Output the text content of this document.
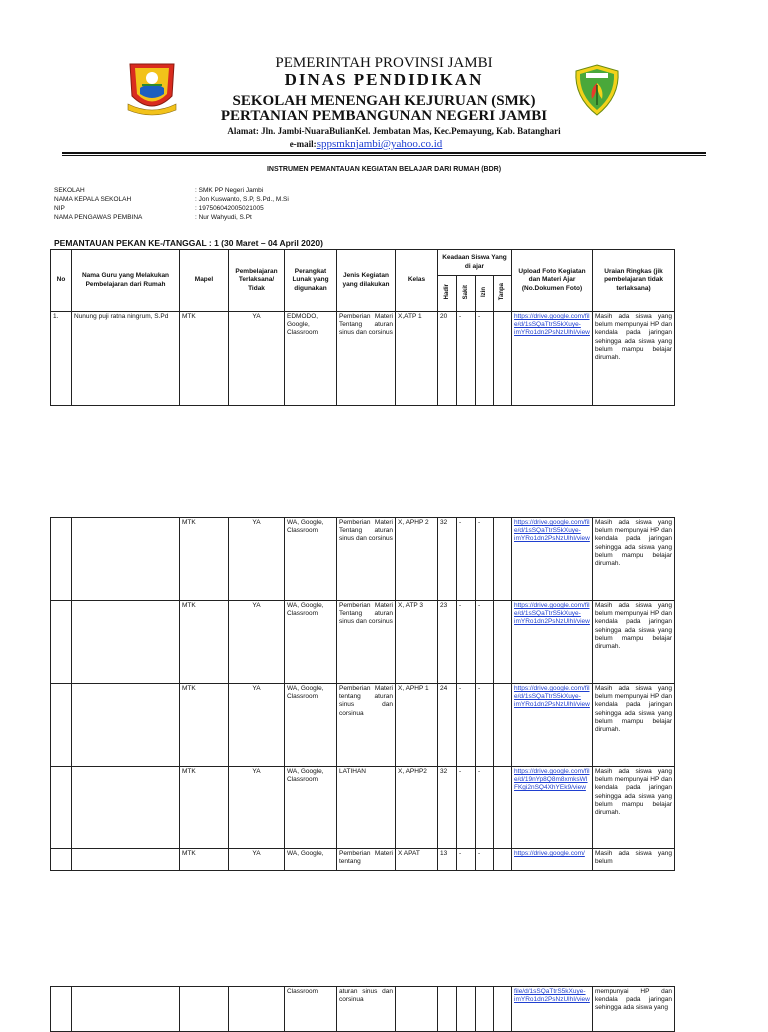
PEMERINTAH PROVINSI JAMBI
DINAS PENDIDIKAN
SEKOLAH MENENGAH KEJURUAN (SMK)
PERTANIAN PEMBANGUNAN NEGERI JAMBI
Alamat: Jln. Jambi-NuaraBulianKel. Jembatan Mas, Kec.Pemayung, Kab. Batanghari
e-mail:sppsmknjambi@yahoo.co.id
INSTRUMEN PEMANTAUAN KEGIATAN BELAJAR DARI RUMAH (BDR)
SEKOLAH	: SMK PP Negeri Jambi
NAMA KEPALA SEKOLAH	: Jon Kuswanto, S.P, S.Pd., M.Si
NIP	: 197506042005021005
NAMA PENGAWAS PEMBINA	: Nur Wahyudi, S.Pt
PEMANTAUAN PEKAN KE-/TANGGAL : 1 (30 Maret – 04 April 2020)
No	Nama Guru yang Melakukan Pembelajaran dari Rumah	Mapel	Pembelajaran Terlaksana/ Tidak	Perangkat Lunak yang digunakan	Jenis Kegiatan yang dilakukan	Kelas	Keadaan Siswa Yang di ajar				Upload Foto Kegiatan dan Materi Ajar (No.Dokumen Foto)	Uraian Ringkas (jik pembelajaran tidak terlaksana)
							Hadir	Sakit	Izin	Tanpa		
1.	Nunung puji ratna ningrum, S.Pd	MTK	YA	EDMODO, Google, Classroom	Pemberian Materi Tentang aturan sinus dan corsinus	X,ATP 1	20	-	-		https://drive.google.com/file/d/1sSQaTtrS5kXuye-imYRo1dn2PsNzUlhI/view	Masih ada siswa yang belum mempunyai HP dan kendala pada jaringan sehingga ada siswa yang belum mampu belajar dirumah.
		MTK	YA	WA, Google, Classroom	Pemberian Materi Tentang aturan sinus dan corsinus	X, APHP 2	32	-	-		https://drive.google.com/file/d/1sSQaTtrS5kXuye-imYRo1dn2PsNzUlhI/view	Masih ada siswa yang belum mempunyai HP dan kendala pada jaringan sehingga ada siswa yang belum mampu belajar dirumah.
		MTK	YA	WA, Google, Classroom	Pemberian Materi Tentang aturan sinus dan corsinus	X, ATP 3	23	-	-		https://drive.google.com/file/d/1sSQaTtrS5kXuye-imYRo1dn2PsNzUlhI/view	Masih ada siswa yang belum mempunyai HP dan kendala pada jaringan sehingga ada siswa yang belum mampu belajar dirumah.
		MTK	YA	WA, Google, Classroom	Pemberian Materi tentang aturan sinus dan corsinua	X, APHP 1	24	-	-		https://drive.google.com/file/d/1sSQaTtrS5kXuye-imYRo1dn2PsNzUlhI/view	Masih ada siswa yang belum mempunyai HP dan kendala pada jaringan sehingga ada siswa yang belum mampu belajar dirumah.
		MTK	YA	WA, Google, Classroom	LATIHAN	X, APHP2	32	-	-		https://drive.google.com/file/d/19nYp8Q8m8xmksWIFKgi2nSQ4XhYEk9/view	Masih ada siswa yang belum mempunyai HP dan kendala pada jaringan sehingga ada siswa yang belum mampu belajar dirumah.
		MTK	YA	WA, Google,	Pemberian Materi tentang	X APAT	13	-	-		https://drive.google.com/	Masih ada siswa yang belum
				Classroom	aturan sinus dan corsinua						file/d/1sSQaTtrS5kXuye-imYRo1dn2PsNzUlhI/view	mempunyai HP dan kendala pada jaringan sehingga ada siswa yang
